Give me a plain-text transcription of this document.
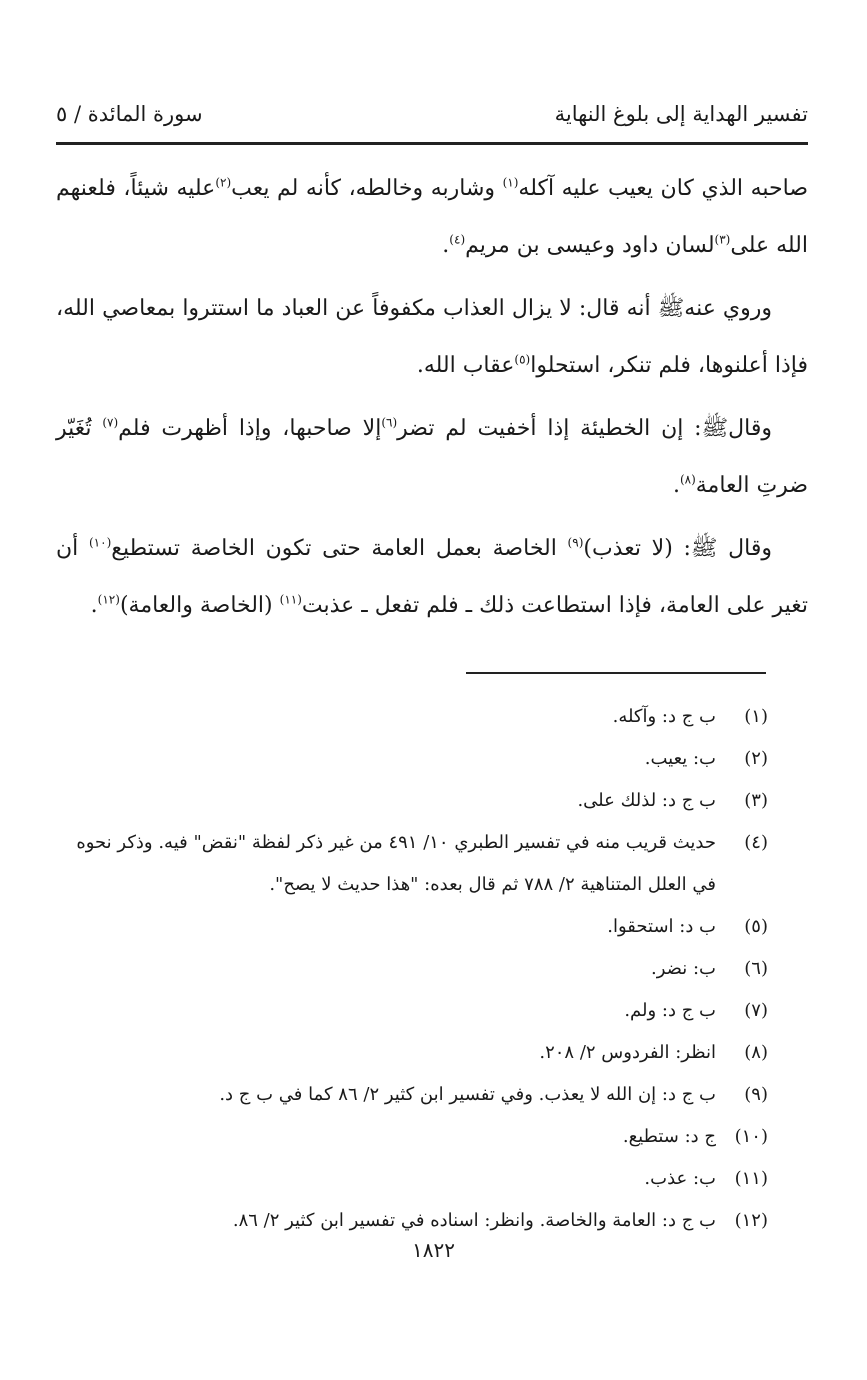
تفسير الهداية إلى بلوغ النهاية
سورة المائدة / ٥

صاحبه الذي كان يعيب عليه آكله$^{(١)}$ وشاربه وخالطه، كأنه لم يعب$^{(٢)}$عليه شيئاً، فلعنهم الله على$^{(٣)}$لسان داود وعيسى بن مريم$^{(٤)}$.

وروي عنهﷺ أنه قال: لا يزال العذاب مكفوفاً عن العباد ما استتروا بمعاصي الله، فإذا أعلنوها، فلم تنكر، استحلوا$^{(٥)}$عقاب الله.

وقالﷺ: إن الخطيئة إذا أخفيت لم تضر$^{(٦)}$إلا صاحبها، وإذا أظهرت فلم$^{(٧)}$ تُغَيّر ضرتِ العامة$^{(٨)}$.

وقال ﷺ: (لا تعذب)$^{(٩)}$ الخاصة بعمل العامة حتى تكون الخاصة تستطيع$^{(١٠)}$ أن تغير على العامة، فإذا استطاعت ذلك ـ فلم تفعل ـ عذبت$^{(١١)}$ (الخاصة والعامة)$^{(١٢)}$.

(١)
ب ج د: وآكله.
(٢)
ب: يعيب.
(٣)
ب ج د: لذلك على.
(٤)
حديث قريب منه في تفسير الطبري ١٠/ ٤٩١ من غير ذكر لفظة "نقض" فيه. وذكر نحوه في العلل المتناهية ٢/ ٧٨٨ ثم قال بعده: "هذا حديث لا يصح".
(٥)
ب د: استحقوا.
(٦)
ب: نضر.
(٧)
ب ج د: ولم.
(٨)
انظر: الفردوس ٢/ ٢٠٨.
(٩)
ب ج د: إن الله لا يعذب. وفي تفسير ابن كثير ٢/ ٨٦ كما في ب ج د.
(١٠)
ج د: ستطيع.
(١١)
ب: عذب.
(١٢)
ب ج د: العامة والخاصة. وانظر: اسناده في تفسير ابن كثير ٢/ ٨٦.
١٨٢٢
